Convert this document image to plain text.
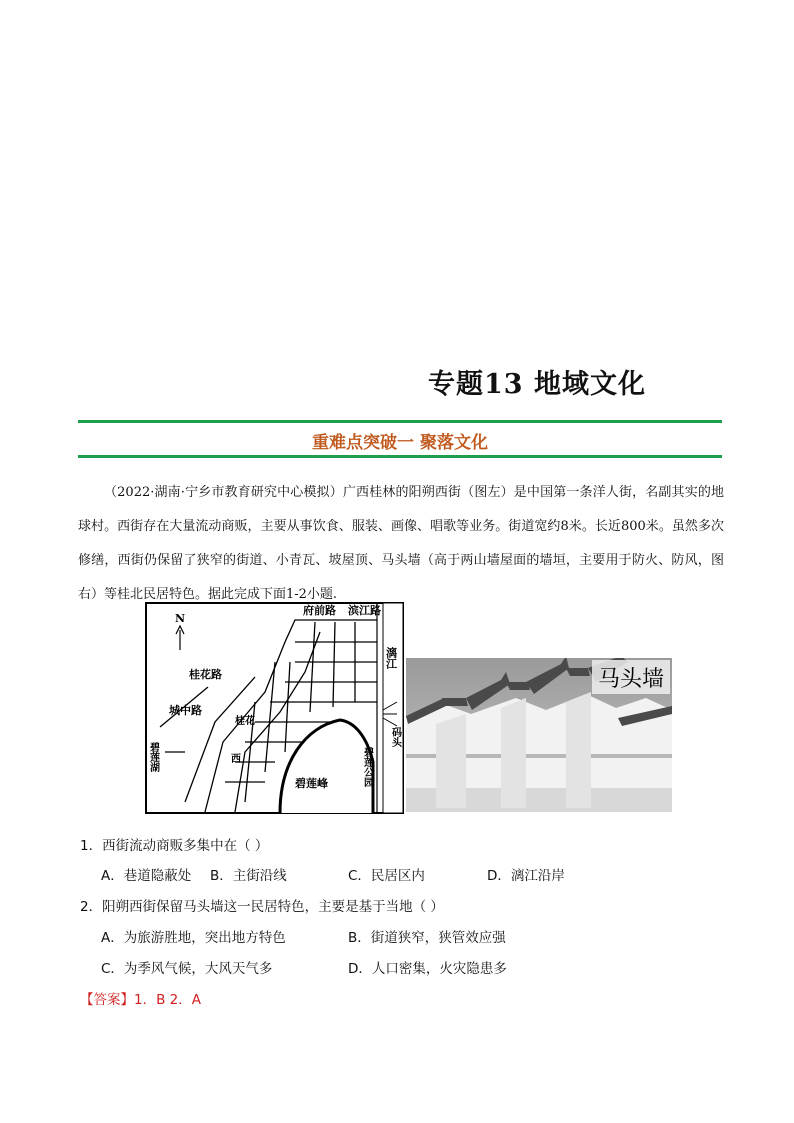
专题13 地域文化
重难点突破一 聚落文化

（2022·湖南·宁乡市教育研究中心模拟）广西桂林的阳朔西街（图左）是中国第一条洋人街，名副其实的地球村。西街存在大量流动商贩，主要从事饮食、服装、画像、唱歌等业务。街道宽约8米。长近800米。虽然多次修缮，西街仍保留了狭窄的街道、小青瓦、坡屋顶、马头墙（高于两山墙屋面的墙垣，主要用于防火、防风，图右）等桂北民居特色。据此完成下面1-2小题.

N
府前路 滨江路
桂花路
城中路
碧莲峰
桂花
西
漓江
碧莲湖	碧莲公园
码头
马头墙
1．西街流动商贩多集中在（ ）
A．巷道隐蔽处 B．主街沿线	C．民居区内	D．漓江沿岸
2．阳朔西街保留马头墙这一民居特色，主要是基于当地（ ）
A．为旅游胜地，突出地方特色	B．街道狭窄，狭管效应强
C．为季风气候，大风天气多	D．人口密集，火灾隐患多
【答案】1．B 2．A
